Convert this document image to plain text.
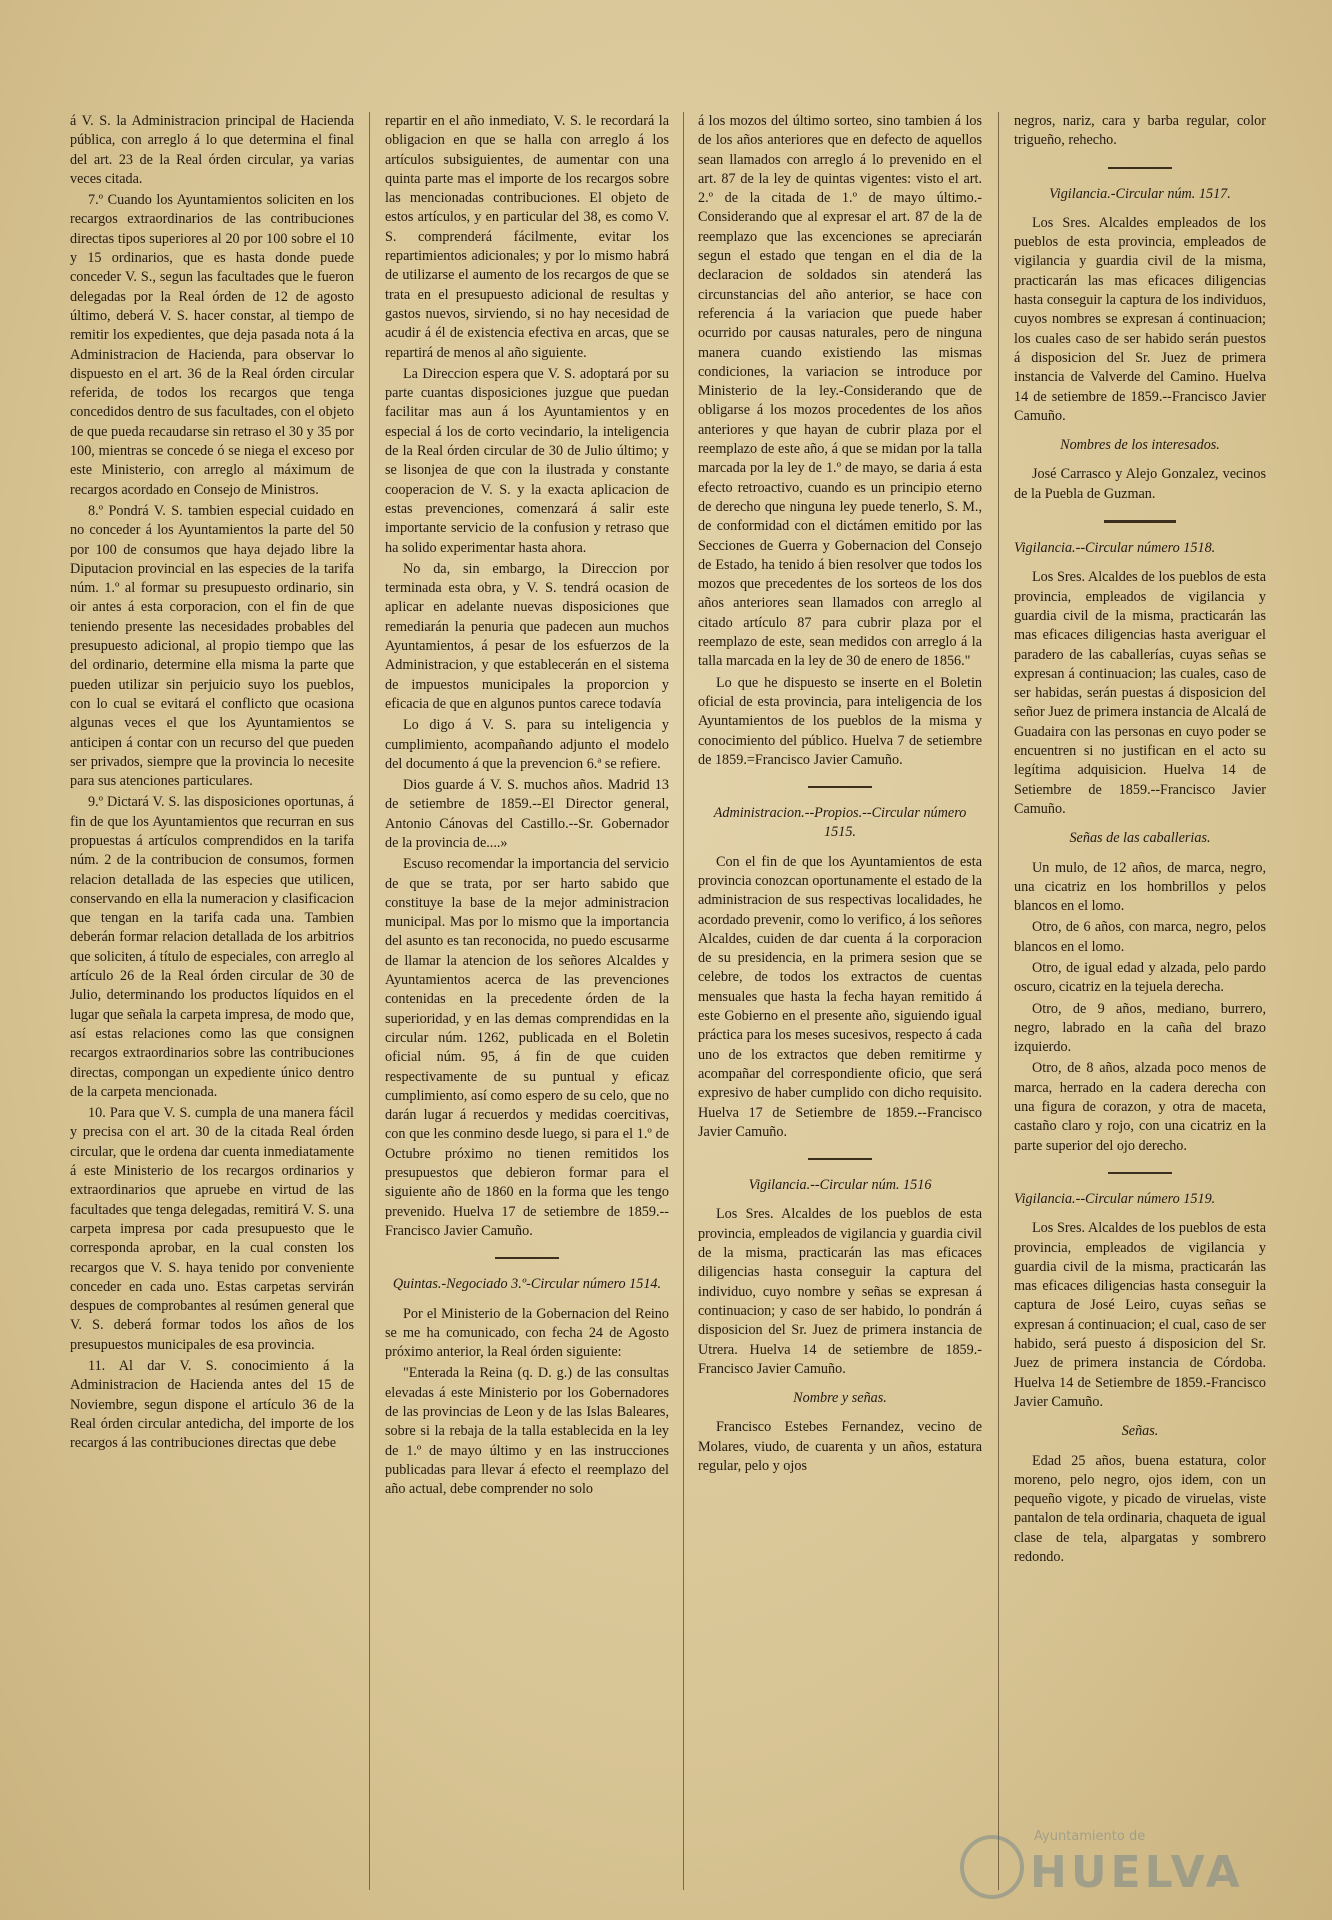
á V. S. la Administracion principal de Hacienda pública, con arreglo á lo que determina el final del art. 23 de la Real órden circular, ya varias veces citada.

7.º Cuando los Ayuntamientos soliciten en los recargos extraordinarios de las contribuciones directas tipos superiores al 20 por 100 sobre el 10 y 15 ordinarios, que es hasta donde puede conceder V. S., segun las facultades que le fueron delegadas por la Real órden de 12 de agosto último, deberá V. S. hacer constar, al tiempo de remitir los expedientes, que deja pasada nota á la Administracion de Hacienda, para observar lo dispuesto en el art. 36 de la Real órden circular referida, de todos los recargos que tenga concedidos dentro de sus facultades, con el objeto de que pueda recaudarse sin retraso el 30 y 35 por 100, mientras se concede ó se niega el exceso por este Ministerio, con arreglo al máximum de recargos acordado en Consejo de Ministros.

8.º Pondrá V. S. tambien especial cuidado en no conceder á los Ayuntamientos la parte del 50 por 100 de consumos que haya dejado libre la Diputacion provincial en las especies de la tarifa núm. 1.º al formar su presupuesto ordinario, sin oir antes á esta corporacion, con el fin de que teniendo presente las necesidades probables del presupuesto adicional, al propio tiempo que las del ordinario, determine ella misma la parte que pueden utilizar sin perjuicio suyo los pueblos, con lo cual se evitará el conflicto que ocasiona algunas veces el que los Ayuntamientos se anticipen á contar con un recurso del que pueden ser privados, siempre que la provincia lo necesite para sus atenciones particulares.

9.º Dictará V. S. las disposiciones oportunas, á fin de que los Ayuntamientos que recurran en sus propuestas á artículos comprendidos en la tarifa núm. 2 de la contribucion de consumos, formen relacion detallada de las especies que utilicen, conservando en ella la numeracion y clasificacion que tengan en la tarifa cada una. Tambien deberán formar relacion detallada de los arbitrios que soliciten, á título de especiales, con arreglo al artículo 26 de la Real órden circular de 30 de Julio, determinando los productos líquidos en el lugar que señala la carpeta impresa, de modo que, así estas relaciones como las que consignen recargos extraordinarios sobre las contribuciones directas, compongan un expediente único dentro de la carpeta mencionada.

10. Para que V. S. cumpla de una manera fácil y precisa con el art. 30 de la citada Real órden circular, que le ordena dar cuenta inmediatamente á este Ministerio de los recargos ordinarios y extraordinarios que apruebe en virtud de las facultades que tenga delegadas, remitirá V. S. una carpeta impresa por cada presupuesto que le corresponda aprobar, en la cual consten los recargos que V. S. haya tenido por conveniente conceder en cada uno. Estas carpetas servirán despues de comprobantes al resúmen general que V. S. deberá formar todos los años de los presupuestos municipales de esa provincia.

11. Al dar V. S. conocimiento á la Administracion de Hacienda antes del 15 de Noviembre, segun dispone el artículo 36 de la Real órden circular antedicha, del importe de los recargos á las contribuciones directas que debe

repartir en el año inmediato, V. S. le recordará la obligacion en que se halla con arreglo á los artículos subsiguientes, de aumentar con una quinta parte mas el importe de los recargos sobre las mencionadas contribuciones. El objeto de estos artículos, y en particular del 38, es como V. S. comprenderá fácilmente, evitar los repartimientos adicionales; y por lo mismo habrá de utilizarse el aumento de los recargos de que se trata en el presupuesto adicional de resultas y gastos nuevos, sirviendo, si no hay necesidad de acudir á él de existencia efectiva en arcas, que se repartirá de menos al año siguiente.

La Direccion espera que V. S. adoptará por su parte cuantas disposiciones juzgue que puedan facilitar mas aun á los Ayuntamientos y en especial á los de corto vecindario, la inteligencia de la Real órden circular de 30 de Julio último; y se lisonjea de que con la ilustrada y constante cooperacion de V. S. y la exacta aplicacion de estas prevenciones, comenzará á salir este importante servicio de la confusion y retraso que ha solido experimentar hasta ahora.

No da, sin embargo, la Direccion por terminada esta obra, y V. S. tendrá ocasion de aplicar en adelante nuevas disposiciones que remediarán la penuria que padecen aun muchos Ayuntamientos, á pesar de los esfuerzos de la Administracion, y que establecerán en el sistema de impuestos municipales la proporcion y eficacia de que en algunos puntos carece todavía

Lo digo á V. S. para su inteligencia y cumplimiento, acompañando adjunto el modelo del documento á que la prevencion 6.ª se refiere.

Dios guarde á V. S. muchos años. Madrid 13 de setiembre de 1859.--El Director general, Antonio Cánovas del Castillo.--Sr. Gobernador de la provincia de....»

Escuso recomendar la importancia del servicio de que se trata, por ser harto sabido que constituye la base de la mejor administracion municipal. Mas por lo mismo que la importancia del asunto es tan reconocida, no puedo escusarme de llamar la atencion de los señores Alcaldes y Ayuntamientos acerca de las prevenciones contenidas en la precedente órden de la superioridad, y en las demas comprendidas en la circular núm. 1262, publicada en el Boletin oficial núm. 95, á fin de que cuiden respectivamente de su puntual y eficaz cumplimiento, así como espero de su celo, que no darán lugar á recuerdos y medidas coercitivas, con que les conmino desde luego, si para el 1.º de Octubre próximo no tienen remitidos los presupuestos que debieron formar para el siguiente año de 1860 en la forma que les tengo prevenido. Huelva 17 de setiembre de 1859.--Francisco Javier Camuño.

Quintas.-Negociado 3.º-Circular número 1514.

Por el Ministerio de la Gobernacion del Reino se me ha comunicado, con fecha 24 de Agosto próximo anterior, la Real órden siguiente:

"Enterada la Reina (q. D. g.) de las consultas elevadas á este Ministerio por los Gobernadores de las provincias de Leon y de las Islas Baleares, sobre si la rebaja de la talla establecida en la ley de 1.º de mayo último y en las instrucciones publicadas para llevar á efecto el reemplazo del año actual, debe comprender no solo

á los mozos del último sorteo, sino tambien á los de los años anteriores que en defecto de aquellos sean llamados con arreglo á lo prevenido en el art. 87 de la ley de quintas vigentes: visto el art. 2.º de la citada de 1.º de mayo último.-Considerando que al expresar el art. 87 de la de reemplazo que las excenciones se apreciarán segun el estado que tengan en el dia de la declaracion de soldados sin atenderá las circunstancias del año anterior, se hace con referencia á la variacion que puede haber ocurrido por causas naturales, pero de ninguna manera cuando existiendo las mismas condiciones, la variacion se introduce por Ministerio de la ley.-Considerando que de obligarse á los mozos procedentes de los años anteriores y que hayan de cubrir plaza por el reemplazo de este año, á que se midan por la talla marcada por la ley de 1.º de mayo, se daria á esta efecto retroactivo, cuando es un principio eterno de derecho que ninguna ley puede tenerlo, S. M., de conformidad con el dictámen emitido por las Secciones de Guerra y Gobernacion del Consejo de Estado, ha tenido á bien resolver que todos los mozos que precedentes de los sorteos de los dos años anteriores sean llamados con arreglo al citado artículo 87 para cubrir plaza por el reemplazo de este, sean medidos con arreglo á la talla marcada en la ley de 30 de enero de 1856."

Lo que he dispuesto se inserte en el Boletin oficial de esta provincia, para inteligencia de los Ayuntamientos de los pueblos de la misma y conocimiento del público. Huelva 7 de setiembre de 1859.=Francisco Javier Camuño.

Administracion.--Propios.--Circular número 1515.

Con el fin de que los Ayuntamientos de esta provincia conozcan oportunamente el estado de la administracion de sus respectivas localidades, he acordado prevenir, como lo verifico, á los señores Alcaldes, cuiden de dar cuenta á la corporacion de su presidencia, en la primera sesion que se celebre, de todos los extractos de cuentas mensuales que hasta la fecha hayan remitido á este Gobierno en el presente año, siguiendo igual práctica para los meses sucesivos, respecto á cada uno de los extractos que deben remitirme y acompañar del correspondiente oficio, que será expresivo de haber cumplido con dicho requisito. Huelva 17 de Setiembre de 1859.--Francisco Javier Camuño.

Vigilancia.--Circular núm. 1516

Los Sres. Alcaldes de los pueblos de esta provincia, empleados de vigilancia y guardia civil de la misma, practicarán las mas eficaces diligencias hasta conseguir la captura del individuo, cuyo nombre y señas se expresan á continuacion; y caso de ser habido, lo pondrán á disposicion del Sr. Juez de primera instancia de Utrera. Huelva 14 de setiembre de 1859.-Francisco Javier Camuño.

Nombre y señas.

Francisco Estebes Fernandez, vecino de Molares, viudo, de cuarenta y un años, estatura regular, pelo y ojos

negros, nariz, cara y barba regular, color trigueño, rehecho.

Vigilancia.-Circular núm. 1517.

Los Sres. Alcaldes empleados de los pueblos de esta provincia, empleados de vigilancia y guardia civil de la misma, practicarán las mas eficaces diligencias hasta conseguir la captura de los individuos, cuyos nombres se expresan á continuacion; los cuales caso de ser habido serán puestos á disposicion del Sr. Juez de primera instancia de Valverde del Camino. Huelva 14 de setiembre de 1859.--Francisco Javier Camuño.

Nombres de los interesados.

José Carrasco y Alejo Gonzalez, vecinos de la Puebla de Guzman.

Vigilancia.--Circular número 1518.

Los Sres. Alcaldes de los pueblos de esta provincia, empleados de vigilancia y guardia civil de la misma, practicarán las mas eficaces diligencias hasta averiguar el paradero de las caballerías, cuyas señas se expresan á continuacion; las cuales, caso de ser habidas, serán puestas á disposicion del señor Juez de primera instancia de Alcalá de Guadaira con las personas en cuyo poder se encuentren si no justifican en el acto su legítima adquisicion. Huelva 14 de Setiembre de 1859.--Francisco Javier Camuño.

Señas de las caballerias.

Un mulo, de 12 años, de marca, negro, una cicatriz en los hombrillos y pelos blancos en el lomo.

Otro, de 6 años, con marca, negro, pelos blancos en el lomo.

Otro, de igual edad y alzada, pelo pardo oscuro, cicatriz en la tejuela derecha.

Otro, de 9 años, mediano, burrero, negro, labrado en la caña del brazo izquierdo.

Otro, de 8 años, alzada poco menos de marca, herrado en la cadera derecha con una figura de corazon, y otra de maceta, castaño claro y rojo, con una cicatriz en la parte superior del ojo derecho.

Vigilancia.--Circular número 1519.

Los Sres. Alcaldes de los pueblos de esta provincia, empleados de vigilancia y guardia civil de la misma, practicarán las mas eficaces diligencias hasta conseguir la captura de José Leiro, cuyas señas se expresan á continuacion; el cual, caso de ser habido, será puesto á disposicion del Sr. Juez de primera instancia de Córdoba. Huelva 14 de Setiembre de 1859.-Francisco Javier Camuño.

Señas.

Edad 25 años, buena estatura, color moreno, pelo negro, ojos idem, con un pequeño vigote, y picado de viruelas, viste pantalon de tela ordinaria, chaqueta de igual clase de tela, alpargatas y sombrero redondo.

Ayuntamiento de
HUELVA
